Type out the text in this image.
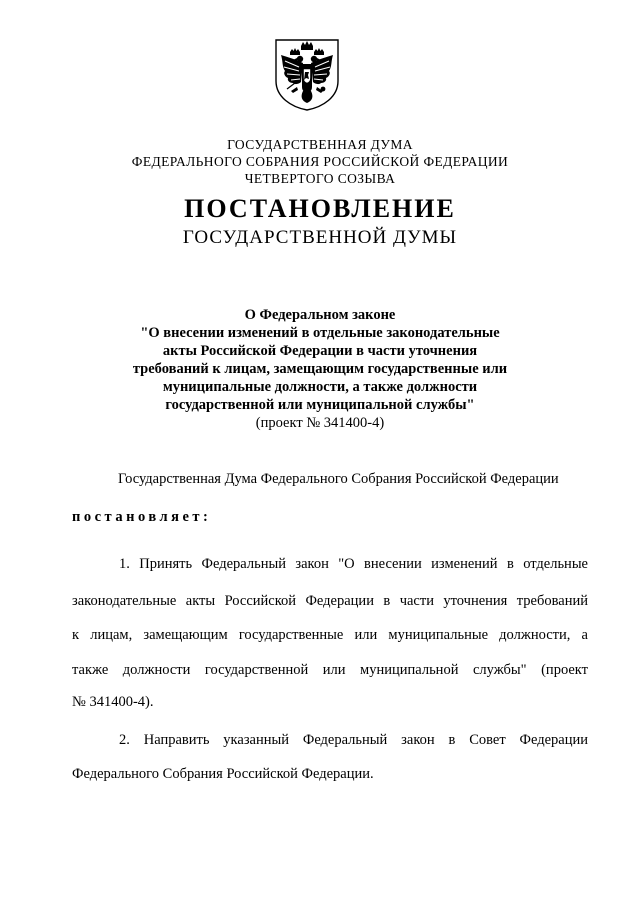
ГОСУДАРСТВЕННАЯ ДУМА
ФЕДЕРАЛЬНОГО СОБРАНИЯ РОССИЙСКОЙ ФЕДЕРАЦИИ
ЧЕТВЕРТОГО СОЗЫВА
ПОСТАНОВЛЕНИЕ
ГОСУДАРСТВЕННОЙ ДУМЫ
О Федеральном законе
"О внесении изменений в отдельные законодательные
акты Российской Федерации в части уточнения
требований к лицам, замещающим государственные или
муниципальные должности, а также должности
государственной или муниципальной службы"
(проект № 341400-4)
Государственная Дума Федерального Собрания Российской Федерации
постановляет:
1. Принять Федеральный закон "О внесении изменений в отдельные
законодательные акты Российской Федерации в части уточнения требований
к лицам, замещающим государственные или муниципальные должности, а
также должности государственной или муниципальной службы" (проект
№ 341400-4).
2. Направить указанный Федеральный закон в Совет Федерации
Федерального Собрания Российской Федерации.
